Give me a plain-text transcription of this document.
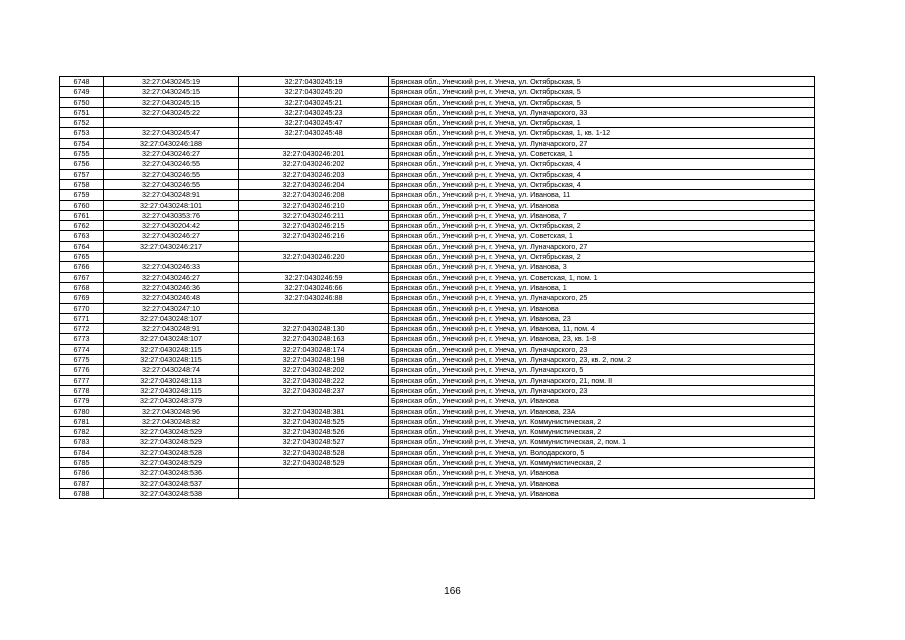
6748	32:27:0430245:19	32:27:0430245:19	Брянская обл., Унечский р-н, г. Унеча, ул. Октябрьская, 5
6749	32:27:0430245:15	32:27:0430245:20	Брянская обл., Унечский р-н, г. Унеча, ул. Октябрьская, 5
6750	32:27:0430245:15	32:27:0430245:21	Брянская обл., Унечский р-н, г. Унеча, ул. Октябрьская, 5
6751	32:27:0430245:22	32:27:0430245:23	Брянская обл., Унечский р-н, г. Унеча, ул. Луначарского, 33
6752		32:27:0430245:47	Брянская обл., Унечский р-н, г. Унеча, ул. Октябрьская, 1
6753	32:27:0430245:47	32:27:0430245:48	Брянская обл., Унечский р-н, г. Унеча, ул. Октябрьская, 1, кв. 1-12
6754	32:27:0430246:188		Брянская обл., Унечский р-н, г. Унеча, ул. Луначарского, 27
6755	32:27:0430246:27	32:27:0430246:201	Брянская обл., Унечский р-н, г. Унеча, ул. Советская, 1
6756	32:27:0430246:55	32:27:0430246:202	Брянская обл., Унечский р-н, г. Унеча, ул. Октябрьская, 4
6757	32:27:0430246:55	32:27:0430246:203	Брянская обл., Унечский р-н, г. Унеча, ул. Октябрьская, 4
6758	32:27:0430246:55	32:27:0430246:204	Брянская обл., Унечский р-н, г. Унеча, ул. Октябрьская, 4
6759	32:27:0430248:91	32:27:0430246:208	Брянская обл., Унечский р-н, г. Унеча, ул. Иванова, 11
6760	32:27:0430248:101	32:27:0430246:210	Брянская обл., Унечский р-н, г. Унеча, ул. Иванова
6761	32:27:0430353:76	32:27:0430246:211	Брянская обл., Унечский р-н, г. Унеча, ул. Иванова, 7
6762	32:27:0430204:42	32:27:0430246:215	Брянская обл., Унечский р-н, г. Унеча, ул. Октябрьская, 2
6763	32:27:0430246:27	32:27:0430246:216	Брянская обл., Унечский р-н, г. Унеча, ул. Советская, 1
6764	32:27:0430246:217		Брянская обл., Унечский р-н, г. Унеча, ул. Луначарского, 27
6765		32:27:0430246:220	Брянская обл., Унечский р-н, г. Унеча, ул. Октябрьская, 2
6766	32:27:0430246:33		Брянская обл., Унечский р-н, г. Унеча, ул. Иванова, 3
6767	32:27:0430246:27	32:27:0430246:59	Брянская обл., Унечский р-н, г. Унеча, ул. Советская, 1, пом. 1
6768	32:27:0430246:36	32:27:0430246:66	Брянская обл., Унечский р-н, г. Унеча, ул. Иванова, 1
6769	32:27:0430246:48	32:27:0430246:88	Брянская обл., Унечский р-н, г. Унеча, ул. Луначарского, 25
6770	32:27:0430247:10		Брянская обл., Унечский р-н, г. Унеча, ул. Иванова
6771	32:27:0430248:107		Брянская обл., Унечский р-н, г. Унеча, ул. Иванова, 23
6772	32:27:0430248:91	32:27:0430248:130	Брянская обл., Унечский р-н, г. Унеча, ул. Иванова, 11, пом. 4
6773	32:27:0430248:107	32:27:0430248:163	Брянская обл., Унечский р-н, г. Унеча, ул. Иванова, 23, кв. 1-8
6774	32:27:0430248:115	32:27:0430248:174	Брянская обл., Унечский р-н, г. Унеча, ул. Луначарского, 23
6775	32:27:0430248:115	32:27:0430248:198	Брянская обл., Унечский р-н, г. Унеча, ул. Луначарского, 23, кв. 2, пом. 2
6776	32:27:0430248:74	32:27:0430248:202	Брянская обл., Унечский р-н, г. Унеча, ул. Луначарского, 5
6777	32:27:0430248:113	32:27:0430248:222	Брянская обл., Унечский р-н, г. Унеча, ул. Луначарского, 21, пом. II
6778	32:27:0430248:115	32:27:0430248:237	Брянская обл., Унечский р-н, г. Унеча, ул. Луначарского, 23
6779	32:27:0430248:379		Брянская обл., Унечский р-н, г. Унеча, ул. Иванова
6780	32:27:0430248:96	32:27:0430248:381	Брянская обл., Унечский р-н, г. Унеча, ул. Иванова, 23А
6781	32:27:0430248:82	32:27:0430248:525	Брянская обл., Унечский р-н, г. Унеча, ул. Коммунистическая, 2
6782	32:27:0430248:529	32:27:0430248:526	Брянская обл., Унечский р-н, г. Унеча, ул. Коммунистическая, 2
6783	32:27:0430248:529	32:27:0430248:527	Брянская обл., Унечский р-н, г. Унеча, ул. Коммунистическая, 2, пом. 1
6784	32:27:0430248:528	32:27:0430248:528	Брянская обл., Унечский р-н, г. Унеча, ул. Володарского, 5
6785	32:27:0430248:529	32:27:0430248:529	Брянская обл., Унечский р-н, г. Унеча, ул. Коммунистическая, 2
6786	32:27:0430248:536		Брянская обл., Унечский р-н, г. Унеча, ул. Иванова
6787	32:27:0430248:537		Брянская обл., Унечский р-н, г. Унеча, ул. Иванова
6788	32:27:0430248:538		Брянская обл., Унечский р-н, г. Унеча, ул. Иванова
166
